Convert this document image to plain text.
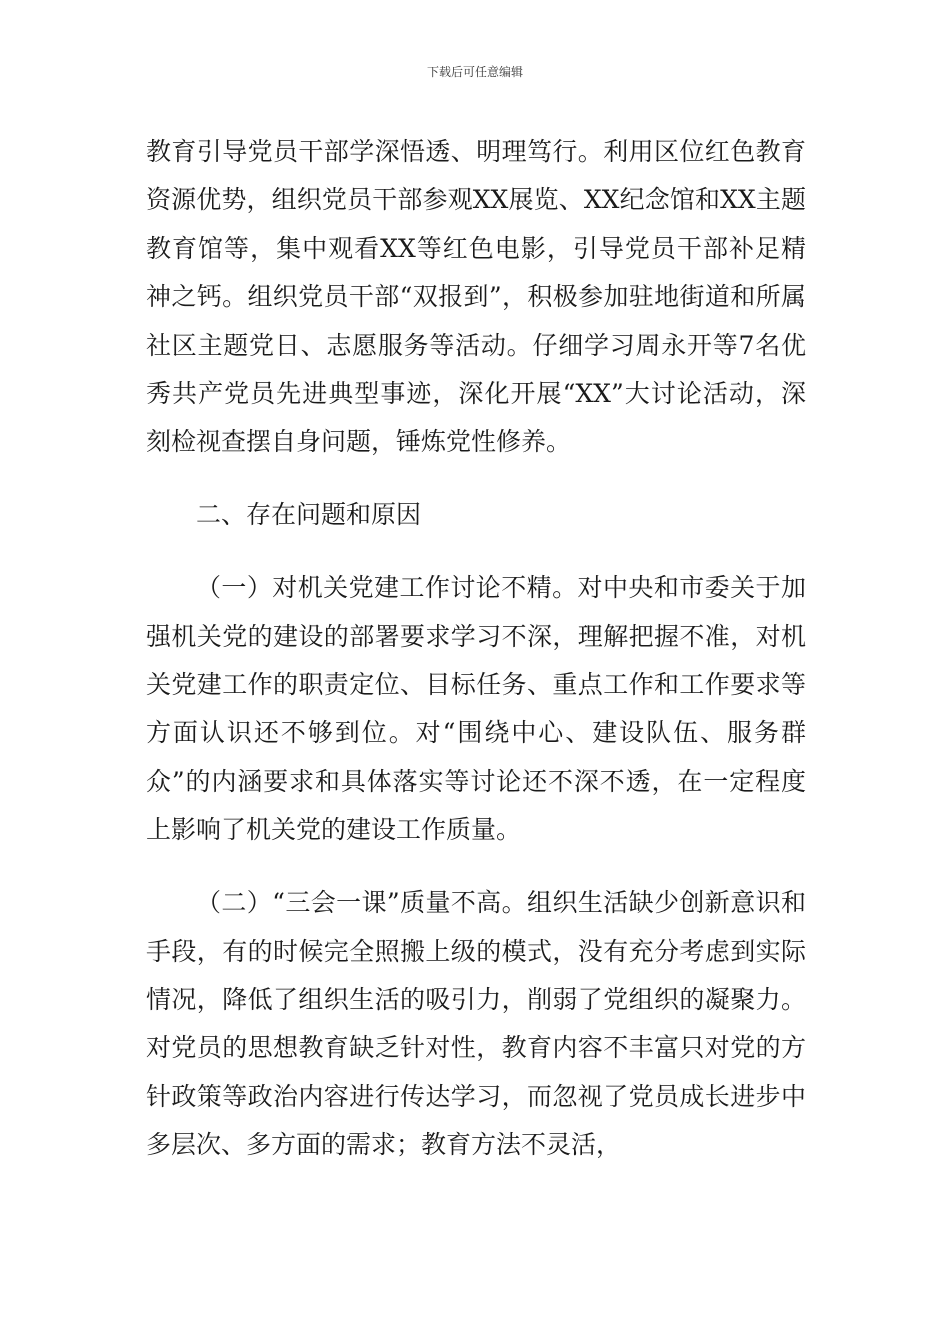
下载后可任意编辑

教育引导党员干部学深悟透、明理笃行。利用区位红色教育资源优势，组织党员干部参观XX展览、XX纪念馆和XX主题教育馆等，集中观看XX等红色电影，引导党员干部补足精神之钙。组织党员干部“双报到”，积极参加驻地街道和所属社区主题党日、志愿服务等活动。仔细学习周永开等7名优秀共产党员先进典型事迹，深化开展“XX”大讨论活动，深刻检视查摆自身问题，锤炼党性修养。

二、存在问题和原因

（一）对机关党建工作讨论不精。对中央和市委关于加强机关党的建设的部署要求学习不深，理解把握不准，对机关党建工作的职责定位、目标任务、重点工作和工作要求等方面认识还不够到位。对“围绕中心、建设队伍、服务群众”的内涵要求和具体落实等讨论还不深不透，在一定程度上影响了机关党的建设工作质量。

（二）“三会一课”质量不高。组织生活缺少创新意识和手段，有的时候完全照搬上级的模式，没有充分考虑到实际情况，降低了组织生活的吸引力，削弱了党组织的凝聚力。对党员的思想教育缺乏针对性，教育内容不丰富只对党的方针政策等政治内容进行传达学习，而忽视了党员成长进步中多层次、多方面的需求；教育方法不灵活，
